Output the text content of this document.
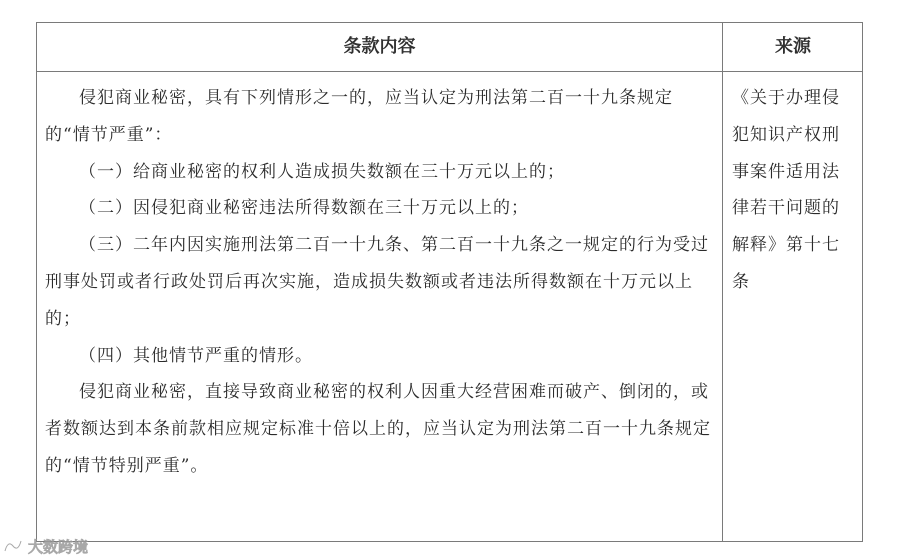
条款内容	来源

侵犯商业秘密，具有下列情形之一的，应当认定为刑法第二百一十九条规定的“情节严重”：

（一）给商业秘密的权利人造成损失数额在三十万元以上的；

（二）因侵犯商业秘密违法所得数额在三十万元以上的；

（三）二年内因实施刑法第二百一十九条、第二百一十九条之一规定的行为受过刑事处罚或者行政处罚后再次实施，造成损失数额或者违法所得数额在十万元以上的；

（四）其他情节严重的情形。

侵犯商业秘密，直接导致商业秘密的权利人因重大经营困难而破产、倒闭的，或者数额达到本条前款相应规定标准十倍以上的，应当认定为刑法第二百一十九条规定的“情节特别严重”。

《关于办理侵犯知识产权刑事案件适用法律若干问题的解释》第十七条
大数跨境
